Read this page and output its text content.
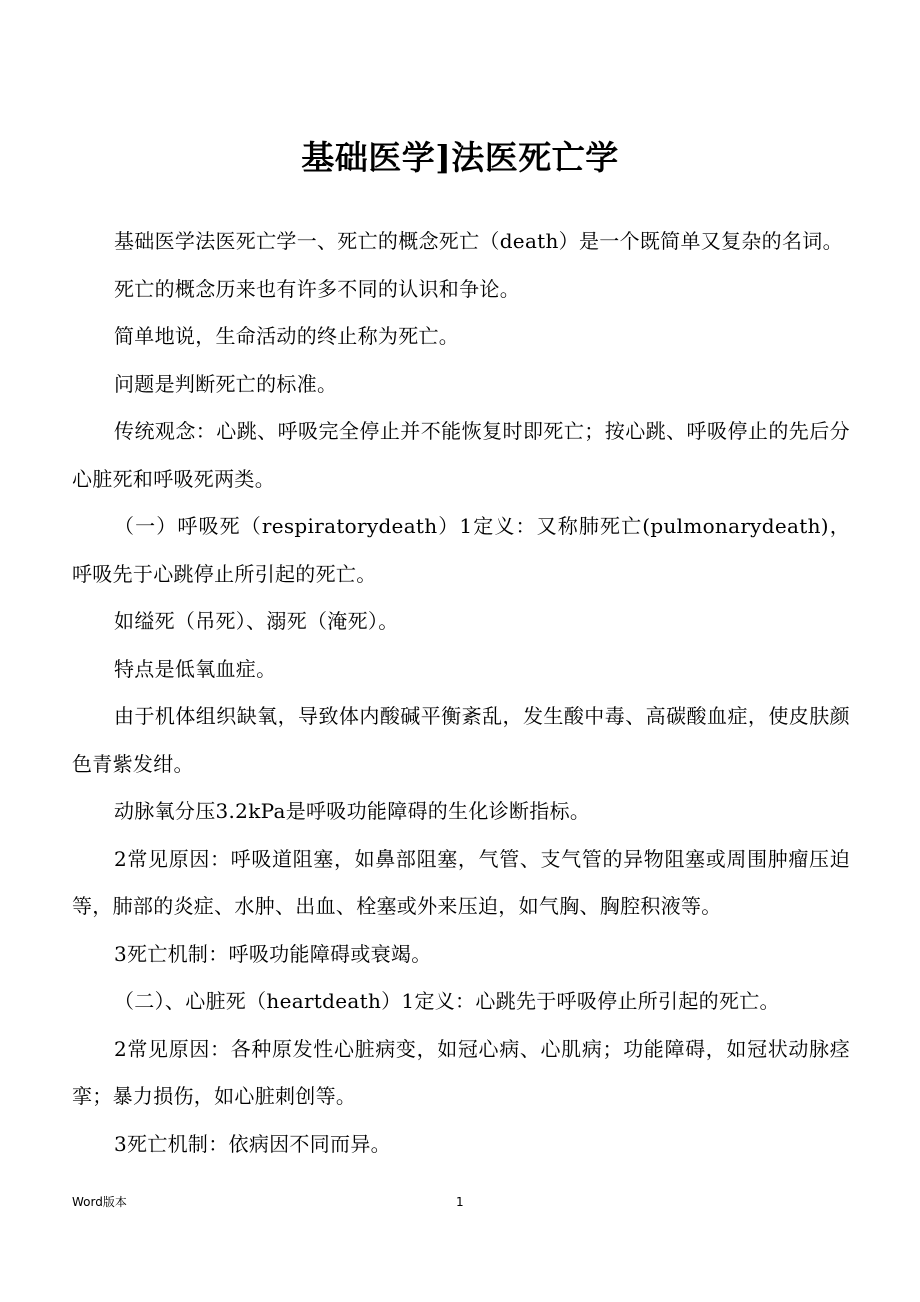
基础医学]法医死亡学

基础医学法医死亡学一、死亡的概念死亡（death）是一个既简单又复杂的名词。

死亡的概念历来也有许多不同的认识和争论。

简单地说，生命活动的终止称为死亡。

问题是判断死亡的标准。

传统观念：心跳、呼吸完全停止并不能恢复时即死亡；按心跳、呼吸停止的先后分心脏死和呼吸死两类。

（一）呼吸死（respiratorydeath）1定义：又称肺死亡(pulmonarydeath)，呼吸先于心跳停止所引起的死亡。

如缢死（吊死）、溺死（淹死）。

特点是低氧血症。

由于机体组织缺氧，导致体内酸碱平衡紊乱，发生酸中毒、高碳酸血症，使皮肤颜色青紫发绀。

动脉氧分压3.2kPa是呼吸功能障碍的生化诊断指标。

2常见原因：呼吸道阻塞，如鼻部阻塞，气管、支气管的异物阻塞或周围肿瘤压迫等，肺部的炎症、水肿、出血、栓塞或外来压迫，如气胸、胸腔积液等。

3死亡机制：呼吸功能障碍或衰竭。

（二）、心脏死（heartdeath）1定义：心跳先于呼吸停止所引起的死亡。

2常见原因：各种原发性心脏病变，如冠心病、心肌病；功能障碍，如冠状动脉痉挛；暴力损伤，如心脏刺创等。

3死亡机制：依病因不同而异。

Word版本	1
